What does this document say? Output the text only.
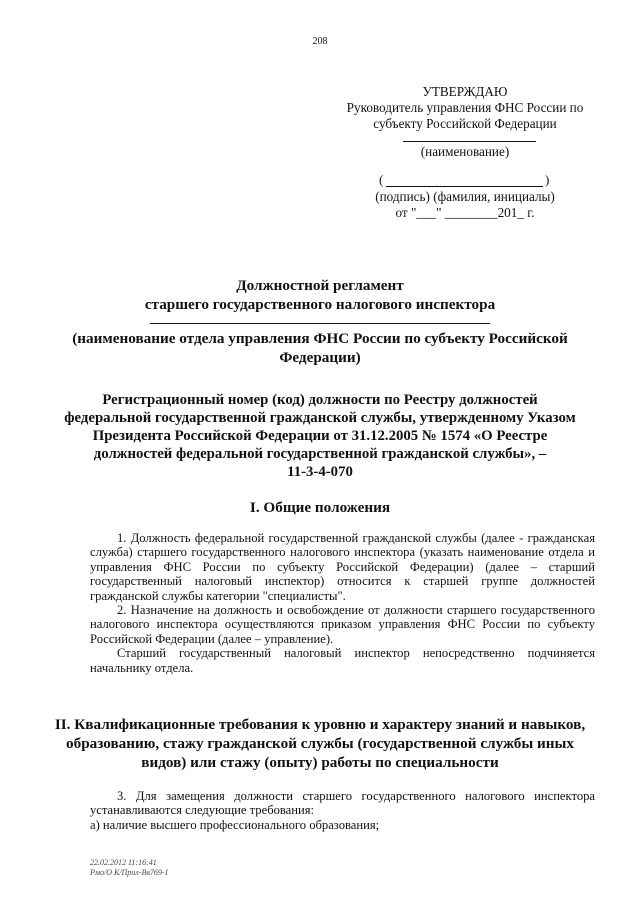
208
УТВЕРЖДАЮ
Руководитель управления ФНС России по
субъекту Российской Федерации
(наименование)
(	)
(подпись) (фамилия, инициалы)
от "___" ________201_ г.
Должностной регламент
старшего государственного налогового инспектора
(наименование отдела управления ФНС России по субъекту Российской
Федерации)
Регистрационный номер (код) должности по Реестру должностей
федеральной государственной гражданской службы, утвержденному Указом
Президента Российской Федерации от 31.12.2005 № 1574 «О Реестре
должностей федеральной государственной гражданской службы», –
11-3-4-070
I. Общие положения

1. Должность федеральной государственной гражданской службы (далее - гражданская служба) старшего государственного налогового инспектора (указать наименование отдела и управления ФНС России по субъекту Российской Федерации) (далее – старший государственный налоговый инспектор) относится к старшей группе должностей гражданской службы категории "специалисты".

2. Назначение на должность и освобождение от должности старшего государственного налогового инспектора осуществляются приказом управления ФНС России по субъекту Российской Федерации (далее – управление).

Старший государственный налоговый инспектор непосредственно подчиняется начальнику отдела.

II. Квалификационные требования к уровню и характеру знаний и навыков,
образованию, стажу гражданской службы (государственной службы иных
видов) или стажу (опыту) работы по специальности

3. Для замещения должности старшего государственного налогового инспектора устанавливаются следующие требования:

а) наличие высшего профессионального образования;

22.02.2012 11:16:41
Рмо/О К/Прил-Вв769-1
